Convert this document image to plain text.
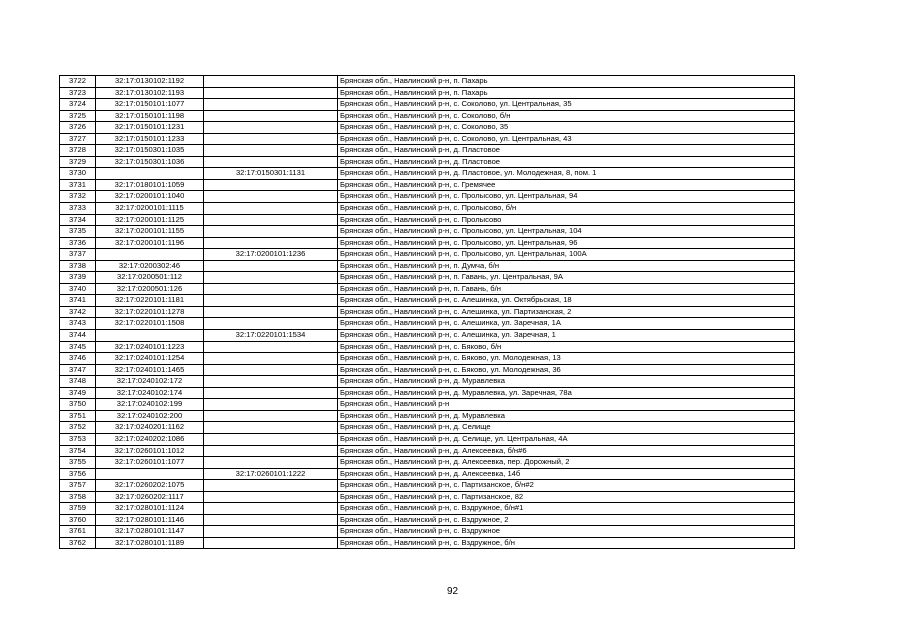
3722	32:17:0130102:1192		Брянская обл., Навлинский р-н, п. Пахарь
3723	32:17:0130102:1193		Брянская обл., Навлинский р-н, п. Пахарь
3724	32:17:0150101:1077		Брянская обл., Навлинский р-н, с. Соколово, ул. Центральная, 35
3725	32:17:0150101:1198		Брянская обл., Навлинский р-н, с. Соколово, б/н
3726	32:17:0150101:1231		Брянская обл., Навлинский р-н, с. Соколово, 35
3727	32:17:0150101:1233		Брянская обл., Навлинский р-н, с. Соколово, ул. Центральная, 43
3728	32:17:0150301:1035		Брянская обл., Навлинский р-н, д. Пластовое
3729	32:17:0150301:1036		Брянская обл., Навлинский р-н, д. Пластовое
3730		32:17:0150301:1131	Брянская обл., Навлинский р-н, д. Пластовое, ул. Молодежная, 8, пом. 1
3731	32:17:0180101:1059		Брянская обл., Навлинский р-н, с. Гремячее
3732	32:17:0200101:1040		Брянская обл., Навлинский р-н, с. Пролысово, ул. Центральная, 94
3733	32:17:0200101:1115		Брянская обл., Навлинский р-н, с. Пролысово, б/н
3734	32:17:0200101:1125		Брянская обл., Навлинский р-н, с. Пролысово
3735	32:17:0200101:1155		Брянская обл., Навлинский р-н, с. Пролысово, ул. Центральная, 104
3736	32:17:0200101:1196		Брянская обл., Навлинский р-н, с. Пролысово, ул. Центральная, 96
3737		32:17:0200101:1236	Брянская обл., Навлинский р-н, с. Пролысово, ул. Центральная, 100А
3738	32:17:0200302:46		Брянская обл., Навлинский р-н, п. Думча, б/н
3739	32:17:0200501:112		Брянская обл., Навлинский р-н, п. Гавань, ул. Центральная, 9А
3740	32:17:0200501:126		Брянская обл., Навлинский р-н, п. Гавань, б/н
3741	32:17:0220101:1181		Брянская обл., Навлинский р-н, с. Алешинка, ул. Октябрьская, 18
3742	32:17:0220101:1278		Брянская обл., Навлинский р-н, с. Алешинка, ул. Партизанская, 2
3743	32:17:0220101:1508		Брянская обл., Навлинский р-н, с. Алешинка, ул. Заречная, 1А
3744		32:17:0220101:1534	Брянская обл., Навлинский р-н, с. Алешинка, ул. Заречная, 1
3745	32:17:0240101:1223		Брянская обл., Навлинский р-н, с. Бяково, б/н
3746	32:17:0240101:1254		Брянская обл., Навлинский р-н, с. Бяково, ул. Молодежная, 13
3747	32:17:0240101:1465		Брянская обл., Навлинский р-н, с. Бяково, ул. Молодежная, 36
3748	32:17:0240102:172		Брянская обл., Навлинский р-н, д. Муравлевка
3749	32:17:0240102:174		Брянская обл., Навлинский р-н, д. Муравлевка, ул. Заречная, 78а
3750	32:17:0240102:199		Брянская обл., Навлинский р-н
3751	32:17:0240102:200		Брянская обл., Навлинский р-н, д. Муравлевка
3752	32:17:0240201:1162		Брянская обл., Навлинский р-н, д. Селище
3753	32:17:0240202:1086		Брянская обл., Навлинский р-н, д. Селище, ул. Центральная, 4А
3754	32:17:0260101:1012		Брянская обл., Навлинский р-н, д. Алексеевка, б/н#6
3755	32:17:0260101:1077		Брянская обл., Навлинский р-н, д. Алексеевка, пер. Дорожный, 2
3756		32:17:0260101:1222	Брянская обл., Навлинский р-н, д. Алексеевка, 14б
3757	32:17:0260202:1075		Брянская обл., Навлинский р-н, с. Партизанское, б/н#2
3758	32:17:0260202:1117		Брянская обл., Навлинский р-н, с. Партизанское, 82
3759	32:17:0280101:1124		Брянская обл., Навлинский р-н, с. Вздружное, б/н#1
3760	32:17:0280101:1146		Брянская обл., Навлинский р-н, с. Вздружное, 2
3761	32:17:0280101:1147		Брянская обл., Навлинский р-н, с. Вздружное
3762	32:17:0280101:1189		Брянская обл., Навлинский р-н, с. Вздружное, б/н
92
